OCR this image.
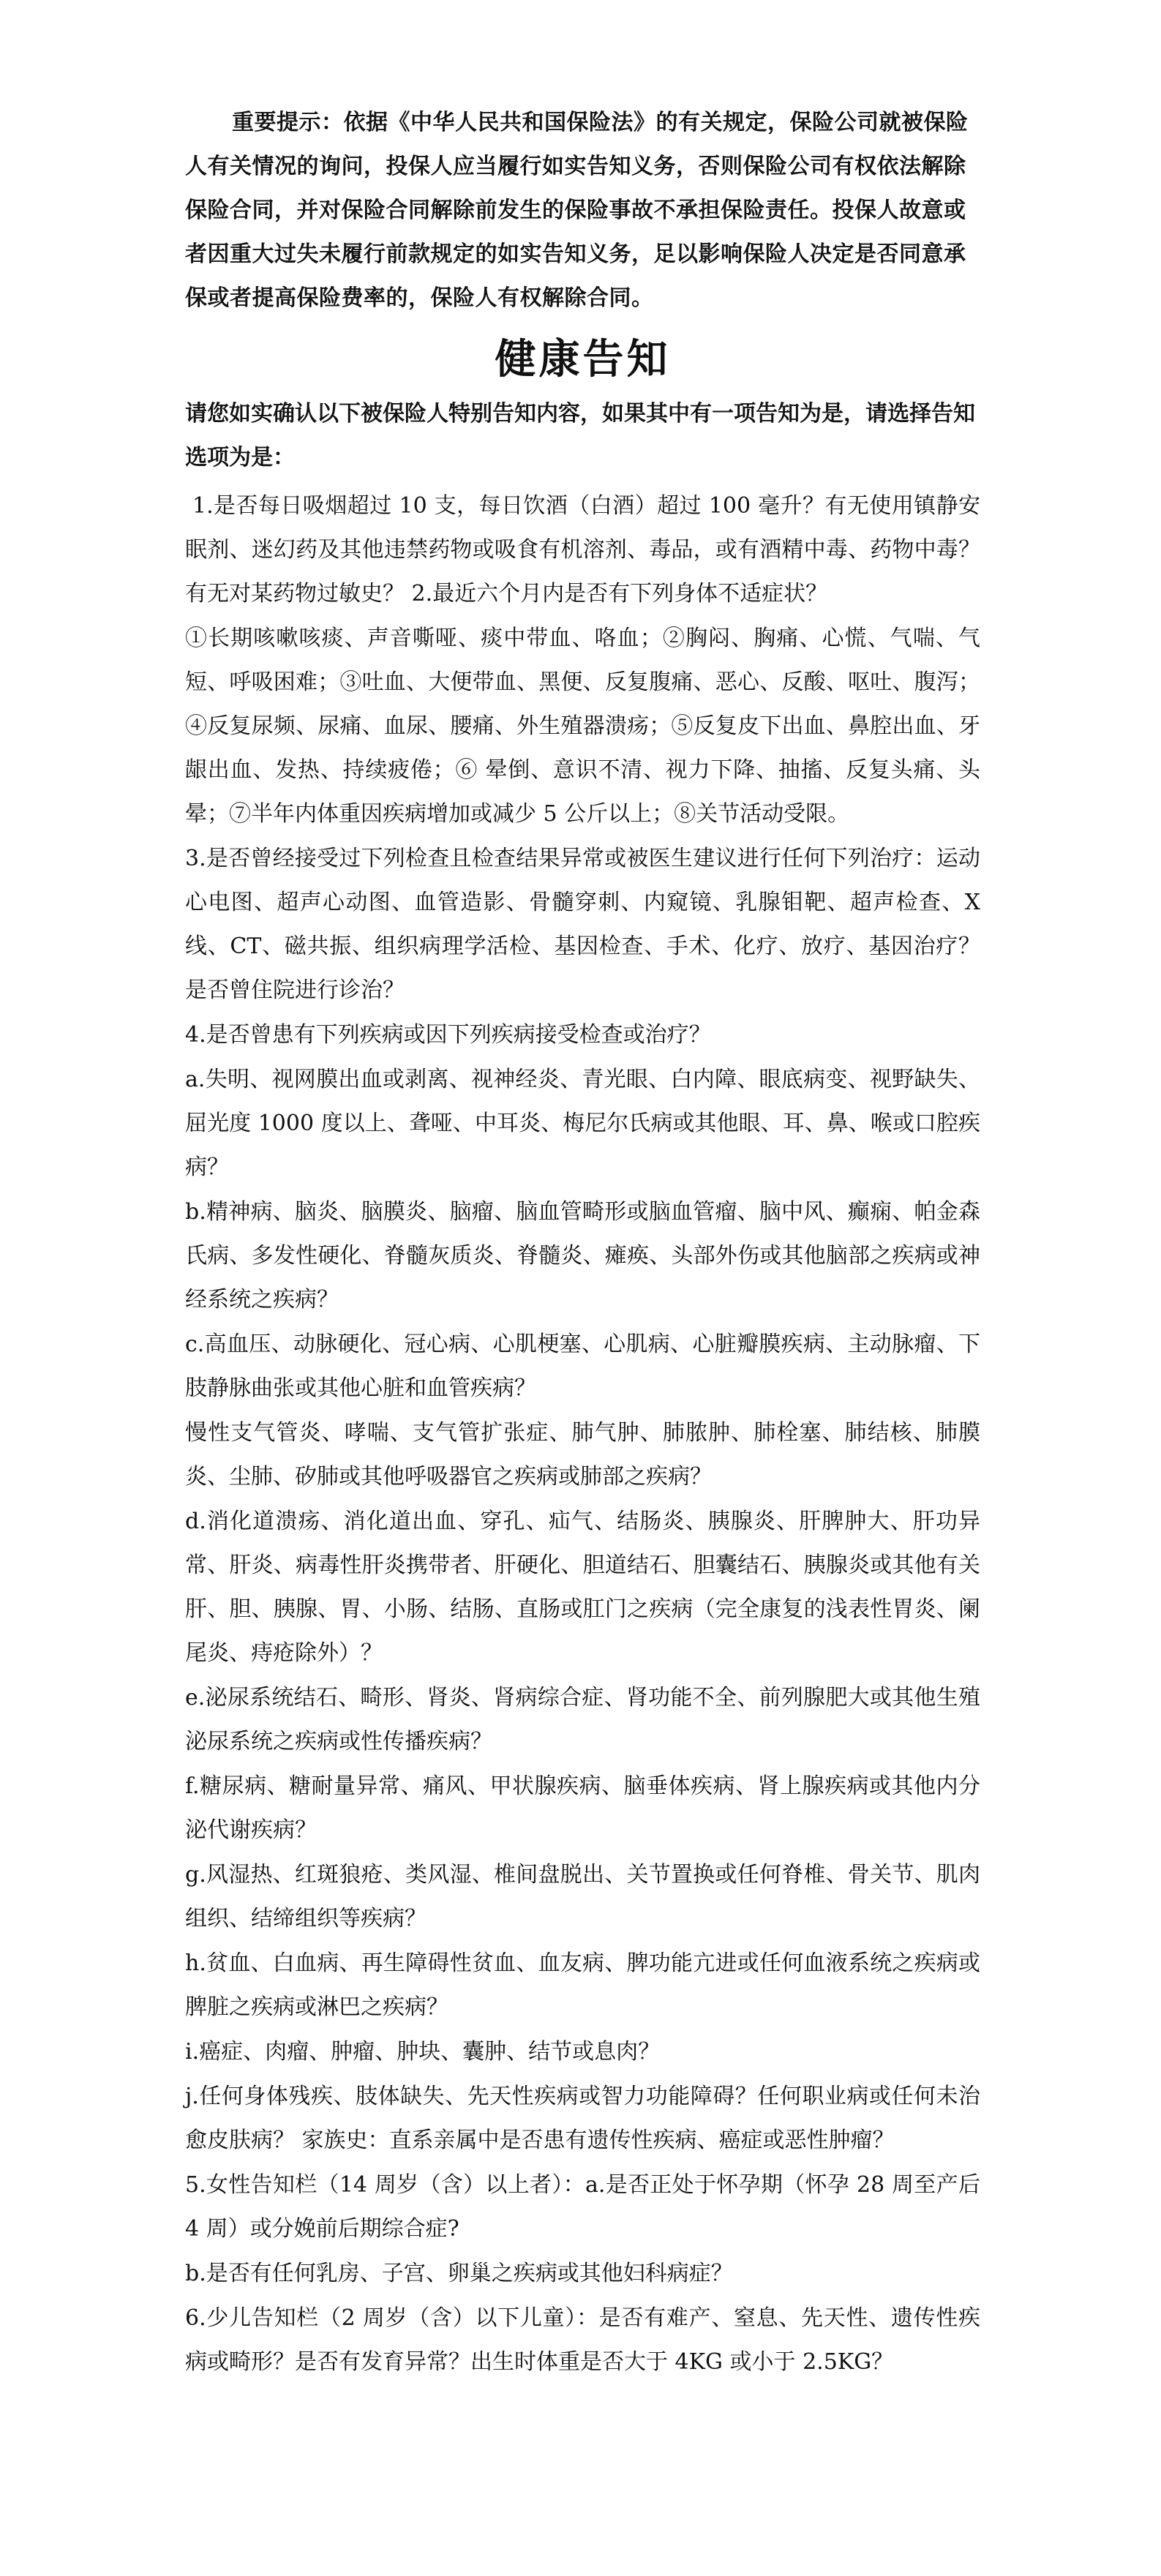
重要提示：依据《中华人民共和国保险法》的有关规定，保险公司就被保险人有关情况的询问，投保人应当履行如实告知义务，否则保险公司有权依法解除保险合同，并对保险合同解除前发生的保险事故不承担保险责任。投保人故意或者因重大过失未履行前款规定的如实告知义务，足以影响保险人决定是否同意承保或者提高保险费率的，保险人有权解除合同。

健康告知

请您如实确认以下被保险人特别告知内容，如果其中有一项告知为是，请选择告知选项为是：

1.是否每日吸烟超过 10 支，每日饮酒（白酒）超过 100 毫升？有无使用镇静安眠剂、迷幻药及其他违禁药物或吸食有机溶剂、毒品，或有酒精中毒、药物中毒？有无对某药物过敏史？ 2.最近六个月内是否有下列身体不适症状？

①长期咳嗽咳痰、声音嘶哑、痰中带血、咯血；②胸闷、胸痛、心慌、气喘、气短、呼吸困难；③吐血、大便带血、黑便、反复腹痛、恶心、反酸、呕吐、腹泻；④反复尿频、尿痛、血尿、腰痛、外生殖器溃疡；⑤反复皮下出血、鼻腔出血、牙龈出血、发热、持续疲倦；⑥ 晕倒、意识不清、视力下降、抽搐、反复头痛、头晕；⑦半年内体重因疾病增加或减少 5 公斤以上；⑧关节活动受限。

3.是否曾经接受过下列检查且检查结果异常或被医生建议进行任何下列治疗：运动心电图、超声心动图、血管造影、骨髓穿刺、内窥镜、乳腺钼靶、超声检查、X 线、CT、磁共振、组织病理学活检、基因检查、手术、化疗、放疗、基因治疗？是否曾住院进行诊治？

4.是否曾患有下列疾病或因下列疾病接受检查或治疗？

a.失明、视网膜出血或剥离、视神经炎、青光眼、白内障、眼底病变、视野缺失、屈光度 1000 度以上、聋哑、中耳炎、梅尼尔氏病或其他眼、耳、鼻、喉或口腔疾病？

b.精神病、脑炎、脑膜炎、脑瘤、脑血管畸形或脑血管瘤、脑中风、癫痫、帕金森氏病、多发性硬化、脊髓灰质炎、脊髓炎、瘫痪、头部外伤或其他脑部之疾病或神经系统之疾病？

c.高血压、动脉硬化、冠心病、心肌梗塞、心肌病、心脏瓣膜疾病、主动脉瘤、下肢静脉曲张或其他心脏和血管疾病？

慢性支气管炎、哮喘、支气管扩张症、肺气肿、肺脓肿、肺栓塞、肺结核、肺膜炎、尘肺、矽肺或其他呼吸器官之疾病或肺部之疾病？

d.消化道溃疡、消化道出血、穿孔、疝气、结肠炎、胰腺炎、肝脾肿大、肝功异常、肝炎、病毒性肝炎携带者、肝硬化、胆道结石、胆囊结石、胰腺炎或其他有关肝、胆、胰腺、胃、小肠、结肠、直肠或肛门之疾病（完全康复的浅表性胃炎、阑尾炎、痔疮除外）？

e.泌尿系统结石、畸形、肾炎、肾病综合症、肾功能不全、前列腺肥大或其他生殖泌尿系统之疾病或性传播疾病？

f.糖尿病、糖耐量异常、痛风、甲状腺疾病、脑垂体疾病、肾上腺疾病或其他内分泌代谢疾病？

g.风湿热、红斑狼疮、类风湿、椎间盘脱出、关节置换或任何脊椎、骨关节、肌肉组织、结缔组织等疾病？

h.贫血、白血病、再生障碍性贫血、血友病、脾功能亢进或任何血液系统之疾病或脾脏之疾病或淋巴之疾病？

i.癌症、肉瘤、肿瘤、肿块、囊肿、结节或息肉？

j.任何身体残疾、肢体缺失、先天性疾病或智力功能障碍？任何职业病或任何未治愈皮肤病？ 家族史：直系亲属中是否患有遗传性疾病、癌症或恶性肿瘤？

5.女性告知栏（14 周岁（含）以上者）：a.是否正处于怀孕期（怀孕 28 周至产后 4 周）或分娩前后期综合症?

b.是否有任何乳房、子宫、卵巢之疾病或其他妇科病症？

6.少儿告知栏（2 周岁（含）以下儿童）：是否有难产、窒息、先天性、遗传性疾病或畸形？是否有发育异常？出生时体重是否大于 4KG 或小于 2.5KG？
